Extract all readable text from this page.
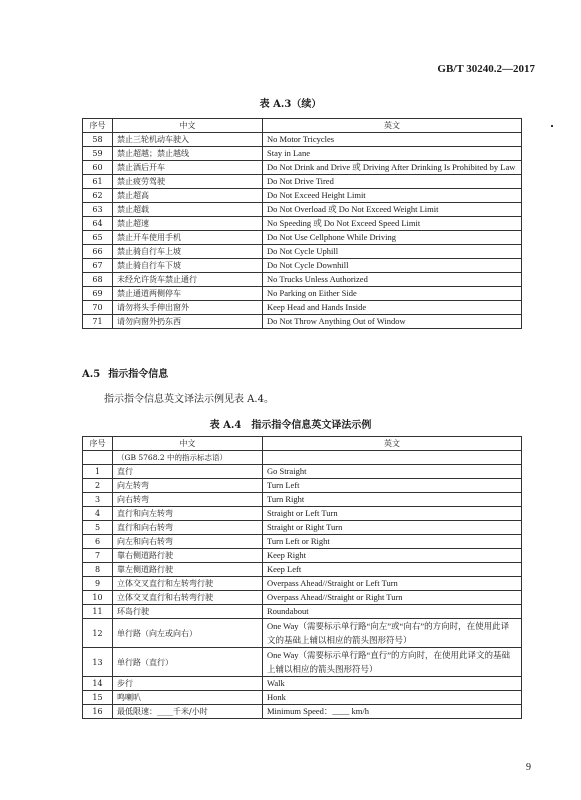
GB/T 30240.2—2017
表 A.3（续）
序号	中文	英文
58	禁止三轮机动车驶入	No Motor Tricycles
59	禁止超越；禁止越线	Stay in Lane
60	禁止酒后开车	Do Not Drink and Drive 或 Driving After Drinking Is Prohibited by Law
61	禁止疲劳驾驶	Do Not Drive Tired
62	禁止超高	Do Not Exceed Height Limit
63	禁止超载	Do Not Overload 或 Do Not Exceed Weight Limit
64	禁止超速	No Speeding 或 Do Not Exceed Speed Limit
65	禁止开车使用手机	Do Not Use Cellphone While Driving
66	禁止骑自行车上坡	Do Not Cycle Uphill
67	禁止骑自行车下坡	Do Not Cycle Downhill
68	未经允许货车禁止通行	No Trucks Unless Authorized
69	禁止通道两侧停车	No Parking on Either Side
70	请勿将头手伸出窗外	Keep Head and Hands Inside
71	请勿向窗外扔东西	Do Not Throw Anything Out of Window
A.5 指示指令信息
指示指令信息英文译法示例见表 A.4。
表 A.4　指示指令信息英文译法示例
序号	中文	英文
	（GB 5768.2 中的指示标志语）	
1	直行	Go Straight
2	向左转弯	Turn Left
3	向右转弯	Turn Right
4	直行和向左转弯	Straight or Left Turn
5	直行和向右转弯	Straight or Right Turn
6	向左和向右转弯	Turn Left or Right
7	靠右侧道路行驶	Keep Right
8	靠左侧道路行驶	Keep Left
9	立体交叉直行和左转弯行驶	Overpass Ahead//Straight or Left Turn
10	立体交叉直行和右转弯行驶	Overpass Ahead//Straight or Right Turn
11	环岛行驶	Roundabout
12	单行路（向左或向右）	One Way（需要标示单行路“向左”或“向右”的方向时，在使用此译文的基础上辅以相应的箭头图形符号）
13	单行路（直行）	One Way（需要标示单行路“直行”的方向时，在使用此译文的基础上辅以相应的箭头图形符号）
14	步行	Walk
15	鸣喇叭	Honk
16	最低限速：____千米/小时	Minimum Speed：____ km/h
9
